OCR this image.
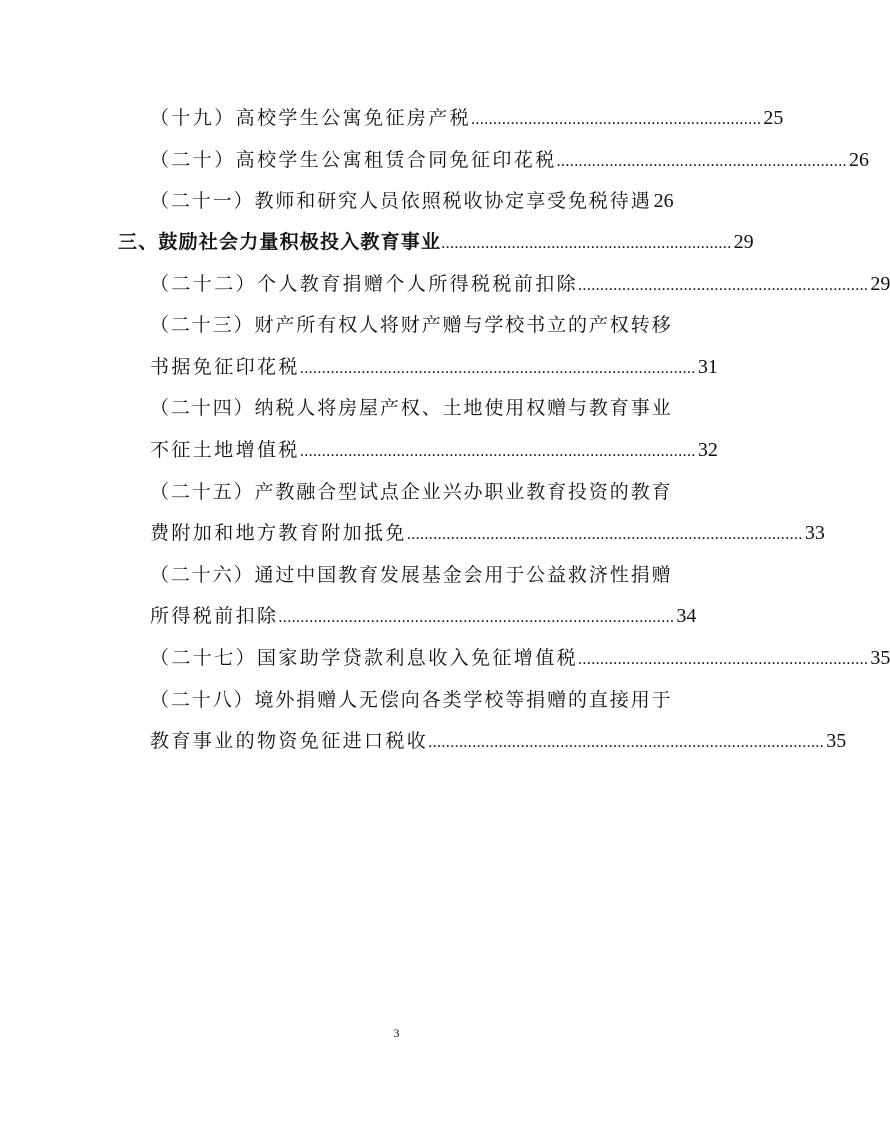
（十九）高校学生公寓免征房产税 .................................................................. 25
（二十）高校学生公寓租赁合同免征印花税 .................................................................. 26
（二十一）教师和研究人员依照税收协定享受免税待遇 26
三、鼓励社会力量积极投入教育事业 .................................................................. 29
（二十二）个人教育捐赠个人所得税税前扣除 .................................................................. 29
（二十三）财产所有权人将财产赠与学校书立的产权转移
书据免征印花税 .......................................................................................... 31
（二十四）纳税人将房屋产权、土地使用权赠与教育事业
不征土地增值税 .......................................................................................... 32
（二十五）产教融合型试点企业兴办职业教育投资的教育
费附加和地方教育附加抵免 .......................................................................................... 33
（二十六）通过中国教育发展基金会用于公益救济性捐赠
所得税前扣除 .......................................................................................... 34
（二十七）国家助学贷款利息收入免征增值税 .................................................................. 35
（二十八）境外捐赠人无偿向各类学校等捐赠的直接用于
教育事业的物资免征进口税收 .......................................................................................... 35
3
